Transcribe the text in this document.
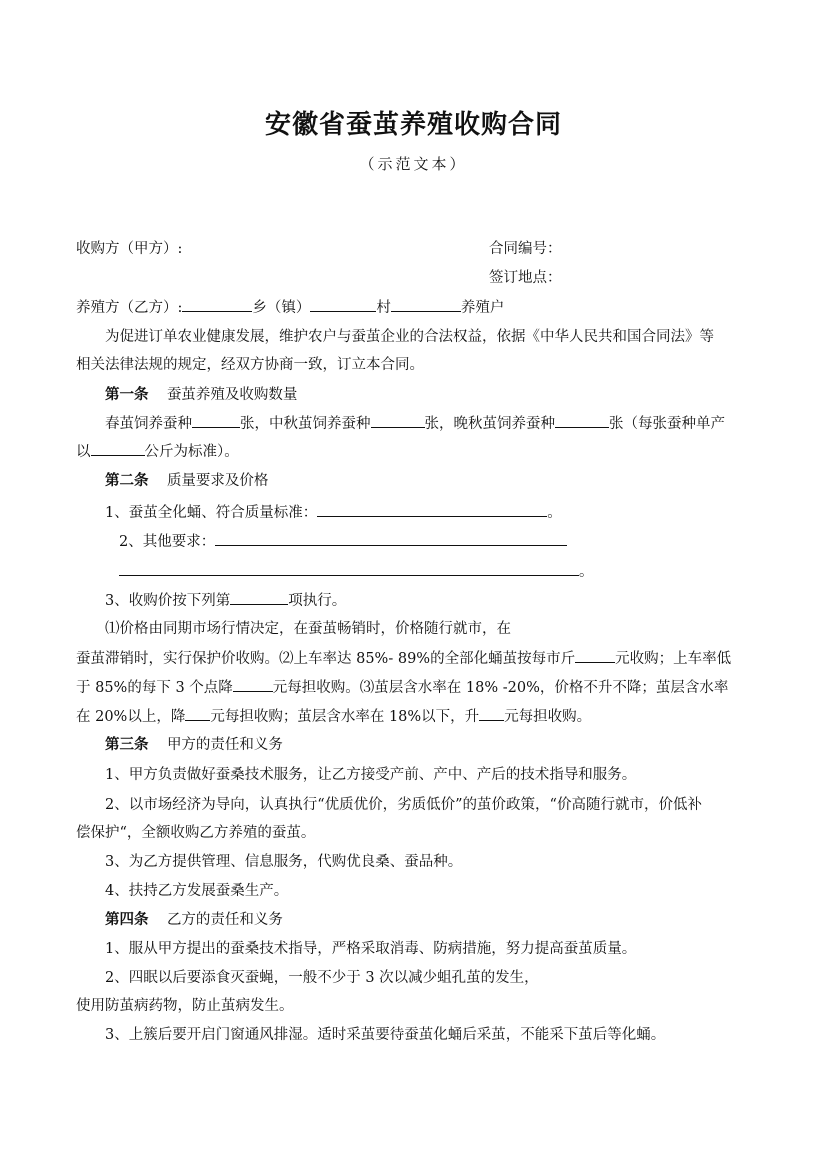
安徽省蚕茧养殖收购合同
（示范文本）
收购方（甲方）:	合同编号：
签订地点：
养殖方（乙方）:	乡（镇）	村	养殖户
为促进订单农业健康发展，维护农户与蚕茧企业的合法权益，依据《中华人民共和国合同法》等
相关法律法规的规定，经双方协商一致，订立本合同。
第一条 蚕茧养殖及收购数量
春茧饲养蚕种	张，中秋茧饲养蚕种	张，晚秋茧饲养蚕种	张（每张蚕种单产
以	公斤为标准）。
第二条 质量要求及价格
1、蚕茧全化蛹、符合质量标准：	。
2、其他要求：
。
3、收购价按下列第	项执行。
⑴价格由同期市场行情决定，在蚕茧畅销时，价格随行就市，在
蚕茧滞销时，实行保护价收购。⑵上车率达 85%- 89%的全部化蛹茧按每市斤	元收购；上车率低
于 85%的每下 3 个点降	元每担收购。⑶茧层含水率在 18% -20%，价格不升不降；茧层含水率
在 20%以上，降 元每担收购；茧层含水率在 18%以下，升 元每担收购。
第三条 甲方的责任和义务
1、甲方负责做好蚕桑技术服务，让乙方接受产前、产中、产后的技术指导和服务。
2、以市场经济为导向，认真执行“优质优价，劣质低价”的茧价政策，“价高随行就市，价低补
偿保护“，全额收购乙方养殖的蚕茧。
3、为乙方提供管理、信息服务，代购优良桑、蚕品种。
4、扶持乙方发展蚕桑生产。
第四条 乙方的责任和义务
1、服从甲方提出的蚕桑技术指导，严格采取消毒、防病措施，努力提高蚕茧质量。
2、四眠以后要添食灭蚕蝇，一般不少于 3 次以减少蛆孔茧的发生，
使用防茧病药物，防止茧病发生。
3、上簇后要开启门窗通风排湿。适时采茧要待蚕茧化蛹后采茧，不能采下茧后等化蛹。
